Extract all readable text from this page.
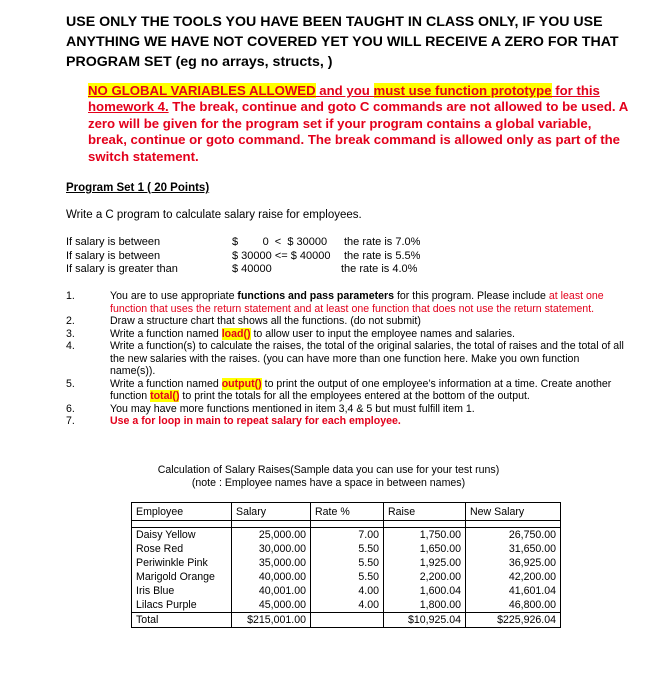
USE ONLY THE TOOLS YOU HAVE BEEN TAUGHT IN CLASS ONLY, IF YOU USE ANYTHING WE HAVE NOT COVERED YET YOU WILL RECEIVE A ZERO FOR THAT PROGRAM SET (eg no arrays, structs, )
NO GLOBAL VARIABLES ALLOWED and you must use function prototype for this homework 4. The break, continue and goto C commands are not allowed to be used. A zero will be given for the program set if your program contains a global variable, break, continue or goto command. The break command is allowed only as part of the switch statement.
Program Set 1 ( 20 Points)
Write a C program to calculate salary raise for employees.
If salary is between	$        0  <  $ 30000 the rate is 7.0%
If salary is between	$ 30000 <= $ 40000 the rate is 5.5%
If salary is greater than	$ 40000	the rate is 4.0%
1.	You are to use appropriate functions and pass parameters for this program. Please include at least one function that uses the return statement and at least one function that does not use the return statement.
2.	Draw a structure chart that shows all the functions. (do not submit)
3.	Write a function named load() to allow user to input the employee names and salaries.
4.	Write a function(s) to calculate the raises, the total of the original salaries, the total of raises and the total of all the new salaries with the raises. (you can have more than one function here. Make you own function name(s)).
5.	Write a function named output() to print the output of one employee’s information at a time. Create another function total() to print the totals for all the employees entered at the bottom of the output.
6.	You may have more functions mentioned in item 3,4 & 5 but must fulfill item 1.
7.	Use a for loop in main to repeat salary for each employee.
Calculation of Salary Raises(Sample data you can use for your test runs)
(note : Employee names have a space in between names)
Employee	Salary	Rate %	Raise	New Salary

Daisy Yellow	25,000.00	7.00	1,750.00	26,750.00
Rose Red	30,000.00	5.50	1,650.00	31,650.00
Periwinkle Pink	35,000.00	5.50	1,925.00	36,925.00
Marigold Orange	40,000.00	5.50	2,200.00	42,200.00
Iris Blue	40,001.00	4.00	1,600.04	41,601.04
Lilacs Purple	45,000.00	4.00	1,800.00	46,800.00
Total	$215,001.00		$10,925.04	$225,926.04
